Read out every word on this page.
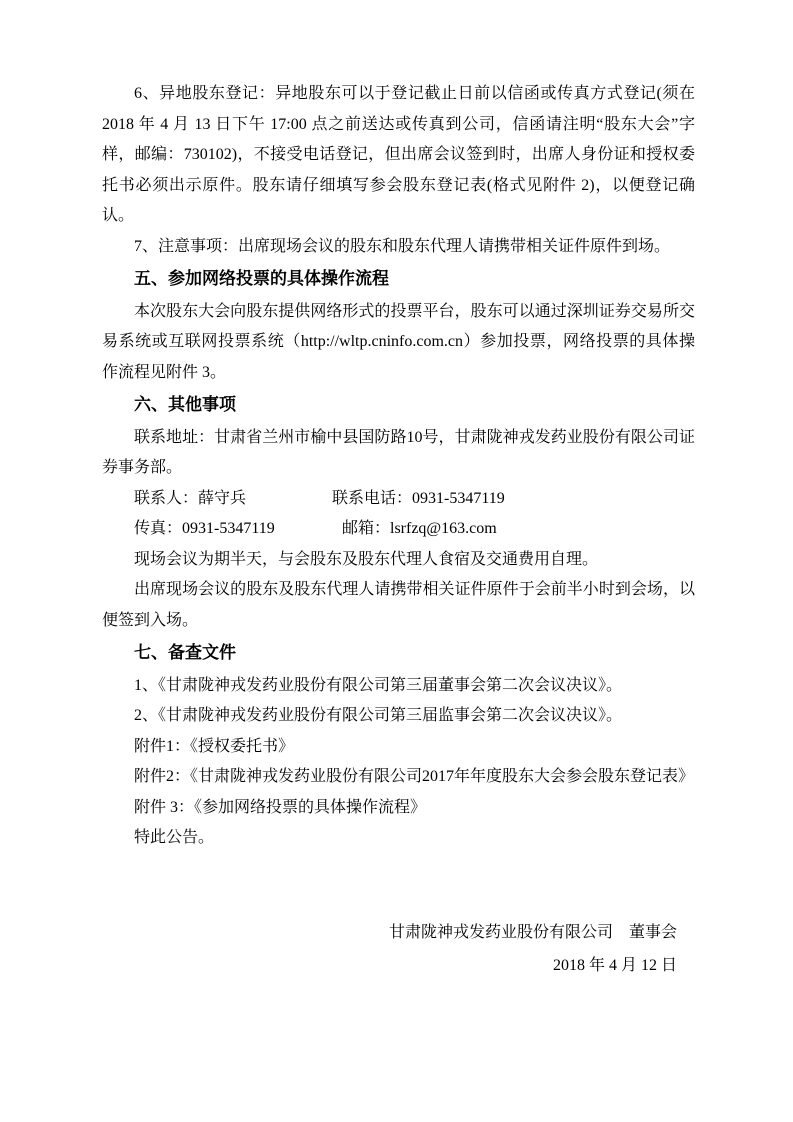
6、异地股东登记：异地股东可以于登记截止日前以信函或传真方式登记(须在 2018 年 4 月 13 日下午 17:00 点之前送达或传真到公司，信函请注明“股东大会”字样，邮编：730102)，不接受电话登记，但出席会议签到时，出席人身份证和授权委托书必须出示原件。股东请仔细填写参会股东登记表(格式见附件 2)，以便登记确认。

7、注意事项：出席现场会议的股东和股东代理人请携带相关证件原件到场。

五、参加网络投票的具体操作流程

本次股东大会向股东提供网络形式的投票平台，股东可以通过深圳证券交易所交易系统或互联网投票系统（http://wltp.cninfo.com.cn）参加投票，网络投票的具体操作流程见附件 3。

六、其他事项

联系地址：甘肃省兰州市榆中县国防路10号，甘肃陇神戎发药业股份有限公司证券事务部。

联系人：薛守兵	联系电话：0931-5347119

传真：0931-5347119	邮箱：lsrfzq@163.com

现场会议为期半天，与会股东及股东代理人食宿及交通费用自理。

出席现场会议的股东及股东代理人请携带相关证件原件于会前半小时到会场，以便签到入场。

七、备查文件

1、《甘肃陇神戎发药业股份有限公司第三届董事会第二次会议决议》。

2、《甘肃陇神戎发药业股份有限公司第三届监事会第二次会议决议》。

附件1：《授权委托书》

附件2：《甘肃陇神戎发药业股份有限公司2017年年度股东大会参会股东登记表》

附件 3：《参加网络投票的具体操作流程》

特此公告。

甘肃陇神戎发药业股份有限公司　董事会

2018 年 4 月 12 日
